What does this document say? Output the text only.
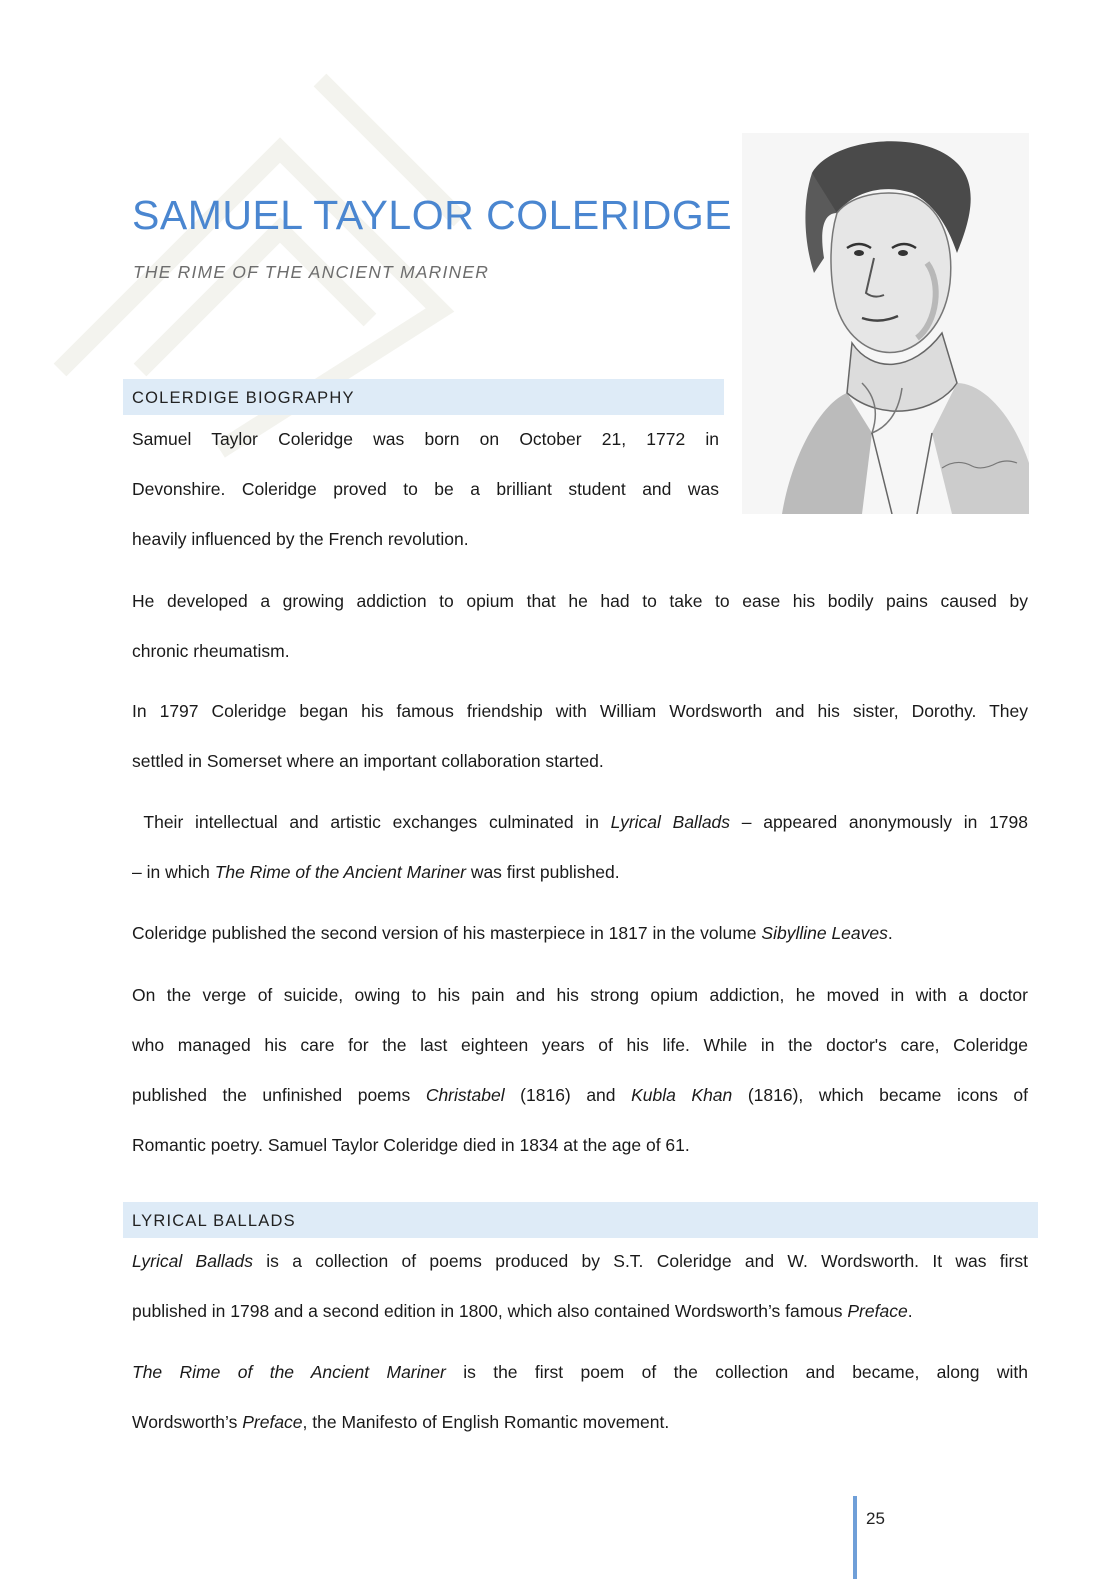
SAMUEL TAYLOR COLERIDGE
THE RIME OF THE ANCIENT MARINER
COLERDIGE BIOGRAPHY
Samuel Taylor Coleridge was born on October 21, 1772 in
Devonshire. Coleridge proved to be a brilliant student and was
heavily influenced by the French revolution.
He developed a growing addiction to opium that he had to take to ease his bodily pains caused by
chronic rheumatism.
In 1797 Coleridge began his famous friendship with William Wordsworth and his sister, Dorothy. They
settled in Somerset where an important collaboration started.
Their intellectual and artistic exchanges culminated in Lyrical Ballads – appeared anonymously in 1798
– in which The Rime of the Ancient Mariner was first published.
Coleridge published the second version of his masterpiece in 1817 in the volume Sibylline Leaves.
On the verge of suicide, owing to his pain and his strong opium addiction, he moved in with a doctor
who managed his care for the last eighteen years of his life. While in the doctor's care, Coleridge
published the unfinished poems Christabel (1816) and Kubla Khan (1816), which became icons of
Romantic poetry. Samuel Taylor Coleridge died in 1834 at the age of 61.
LYRICAL BALLADS
Lyrical Ballads is a collection of poems produced by S.T. Coleridge and W. Wordsworth. It was first
published in 1798 and a second edition in 1800, which also contained Wordsworth’s famous Preface.
The Rime of the Ancient Mariner is the first poem of the collection and became, along with
Wordsworth’s Preface, the Manifesto of English Romantic movement.
25
